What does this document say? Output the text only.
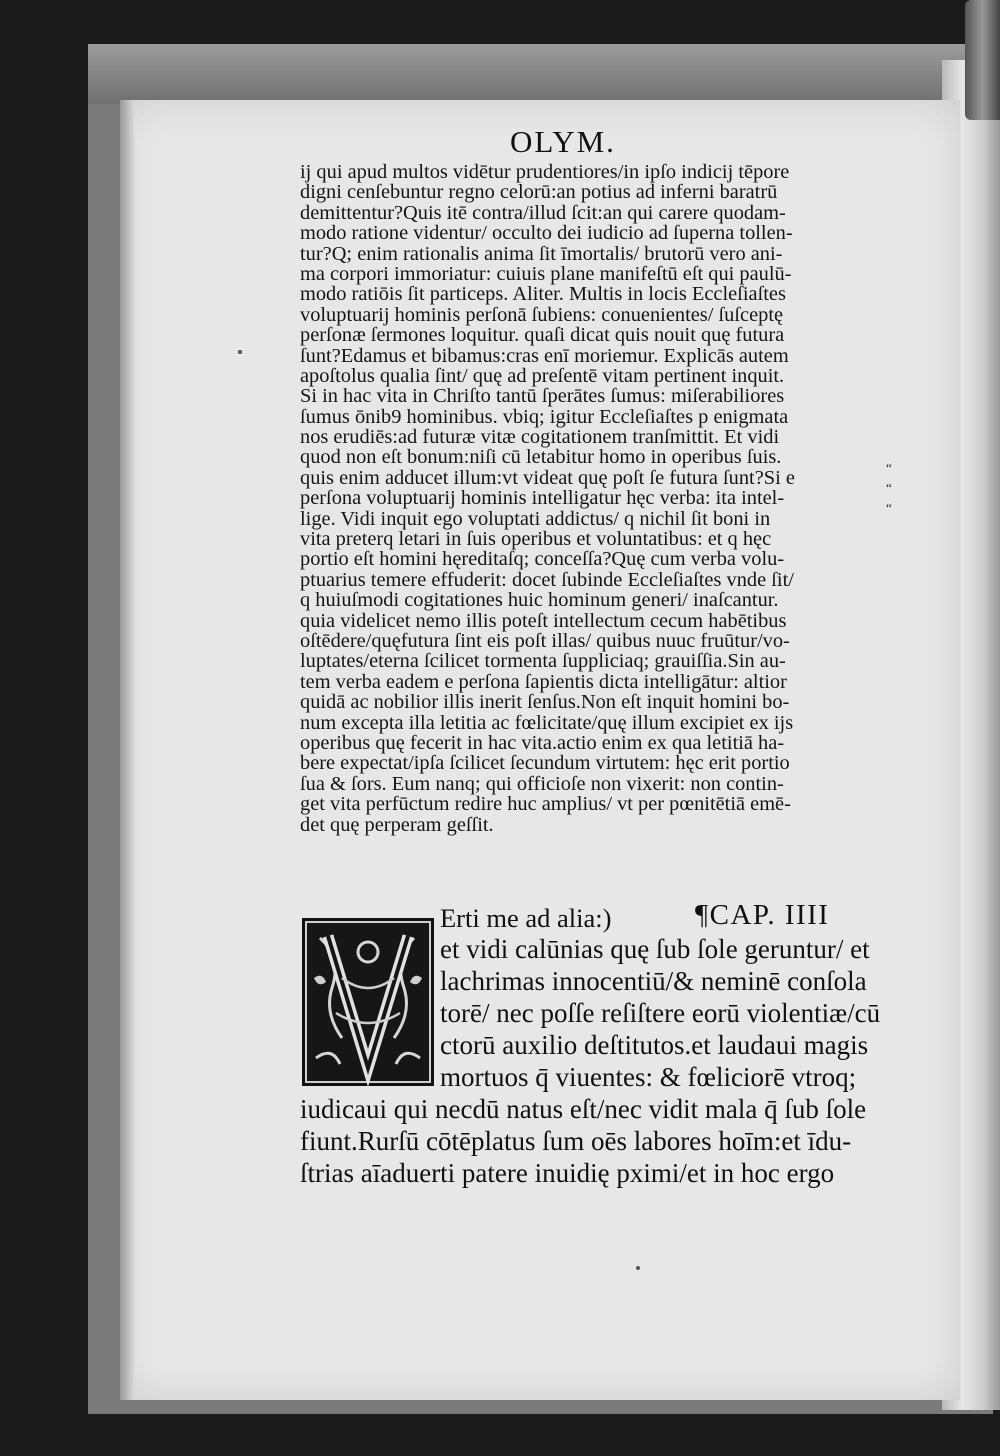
OLYM.
ij qui apud multos vidētur prudentiores/in ipſo indicij tēpore
digni cenſebuntur regno celorū:an potius ad inferni baratrū
demittentur?Quis itē contra/illud ſcit:an qui carere quodam-
modo ratione videntur/ occulto dei iudicio ad ſuperna tollen-
tur?Q; enim rationalis anima ſit īmortalis/ brutorū vero ani-
ma corpori immoriatur: cuiuis plane manifeſtū eſt qui paulū-
modo ratiōis ſit particeps. Aliter. Multis in locis Eccleſiaſtes
voluptuarij hominis perſonā ſubiens: conuenientes/ ſuſceptę
perſonæ ſermones loquitur. quaſi dicat quis nouit quę futura
ſunt?Edamus et bibamus:cras enī moriemur. Explicās autem
apoſtolus qualia ſint/ quę ad preſentē vitam pertinent inquit.
Si in hac vita in Chriſto tantū ſperātes ſumus: miſerabiliores
ſumus ōnib9 hominibus. vbiq; igitur Eccleſiaſtes p enigmata
nos erudiēs:ad futuræ vitæ cogitationem tranſmittit. Et vidi
quod non eſt bonum:niſi cū letabitur homo in operibus ſuis.
quis enim adducet illum:vt videat quę poſt ſe futura ſunt?Si e
perſona voluptuarij hominis intelligatur hęc verba: ita intel-
lige. Vidi inquit ego voluptati addictus/ q nichil ſit boni in
vita preterq letari in ſuis operibus et voluntatibus: et q hęc
portio eſt homini hęreditaſq; conceſſa?Quę cum verba volu-
ptuarius temere effuderit: docet ſubinde Eccleſiaſtes vnde ſit/
q huiuſmodi cogitationes huic hominum generi/ inaſcantur.
quia videlicet nemo illis poteſt intellectum cecum habētibus
oſtēdere/quęfutura ſint eis poſt illas/ quibus nuuc fruūtur/vo-
luptates/eterna ſcilicet tormenta ſuppliciaq; grauiſſia.Sin au-
tem verba eadem e perſona ſapientis dicta intelligātur: altior
quidā ac nobilior illis inerit ſenſus.Non eſt inquit homini bo-
num excepta illa letitia ac fœlicitate/quę illum excipiet ex ijs
operibus quę fecerit in hac vita.actio enim ex qua letitiā ha-
bere expectat/ipſa ſcilicet ſecundum virtutem: hęc erit portio
ſua & ſors. Eum nanq; qui officioſe non vixerit: non contin-
get vita perfūctum redire huc amplius/ vt per pœnitētiā emē-
det quę perperam geſſit.
“
“
“
Erti me ad alia:)	¶CAP. IIII
V
et vidi calūnias quę ſub ſole geruntur/ et
lachrimas innocentiū/& neminē conſola
torē/ nec poſſe reſiſtere eorū violentiæ/cū
ctorū auxilio deſtitutos.et laudaui magis
mortuos q̄ viuentes: & fœliciorē vtroq;
iudicaui qui necdū natus eſt/nec vidit mala q̄ ſub ſole
fiunt.Rurſū cōtēplatus ſum oēs labores hoīm:et īdu-
ſtrias aīaduerti patere inuidię pximi/et in hoc ergo
